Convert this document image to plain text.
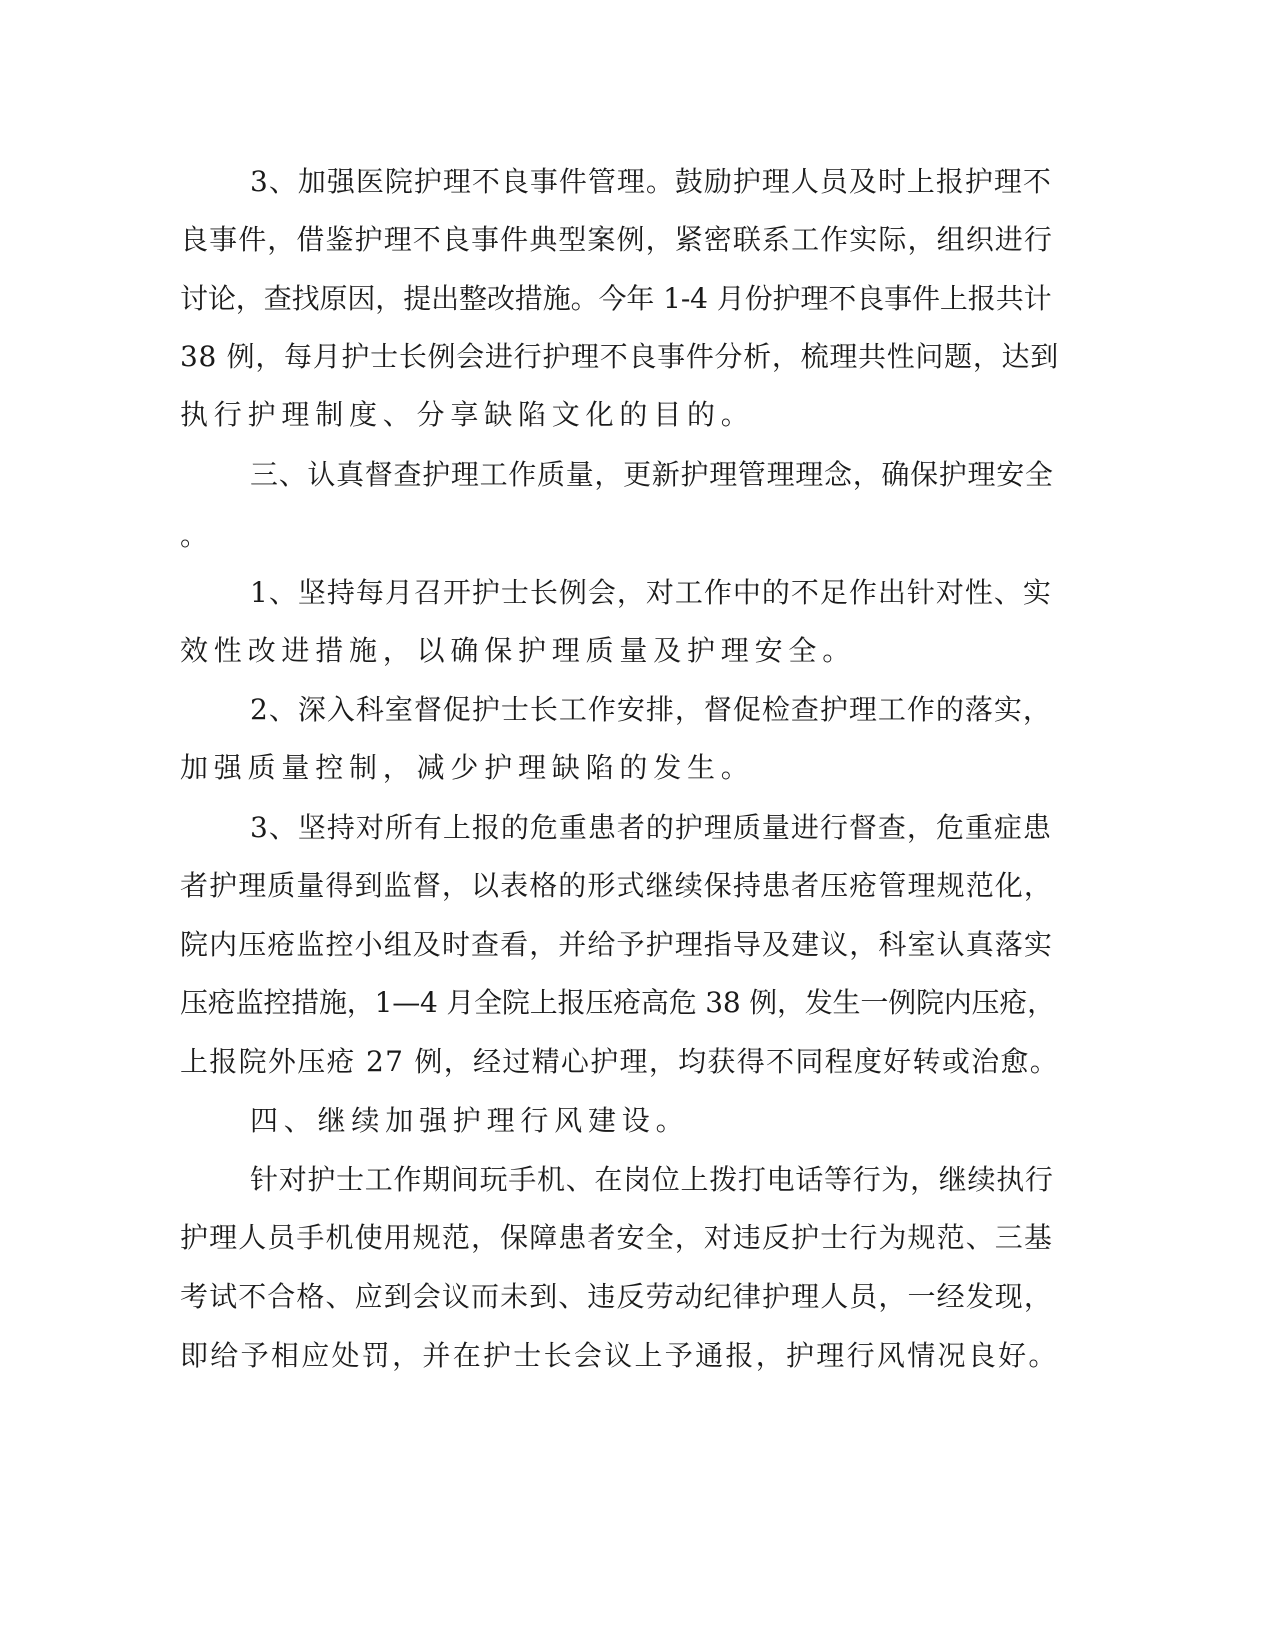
3、加强医院护理不良事件管理。鼓励护理人员及时上报护理不
良事件，借鉴护理不良事件典型案例，紧密联系工作实际，组织进行
讨论，查找原因，提出整改措施。今年 1-4 月份护理不良事件上报共计
38 例，每月护士长例会进行护理不良事件分析，梳理共性问题，达到
执行护理制度、分享缺陷文化的目的。
三、认真督查护理工作质量，更新护理管理理念，确保护理安全
。
1、坚持每月召开护士长例会，对工作中的不足作出针对性、实
效性改进措施，以确保护理质量及护理安全。
2、深入科室督促护士长工作安排，督促检查护理工作的落实，
加强质量控制，减少护理缺陷的发生。
3、坚持对所有上报的危重患者的护理质量进行督查，危重症患
者护理质量得到监督，以表格的形式继续保持患者压疮管理规范化，
院内压疮监控小组及时查看，并给予护理指导及建议，科室认真落实
压疮监控措施，1—4 月全院上报压疮高危 38 例，发生一例院内压疮，
上报院外压疮 27 例，经过精心护理，均获得不同程度好转或治愈。
四、继续加强护理行风建设。
针对护士工作期间玩手机、在岗位上拨打电话等行为，继续执行
护理人员手机使用规范，保障患者安全，对违反护士行为规范、三基
考试不合格、应到会议而未到、违反劳动纪律护理人员，一经发现，
即给予相应处罚，并在护士长会议上予通报，护理行风情况良好。
